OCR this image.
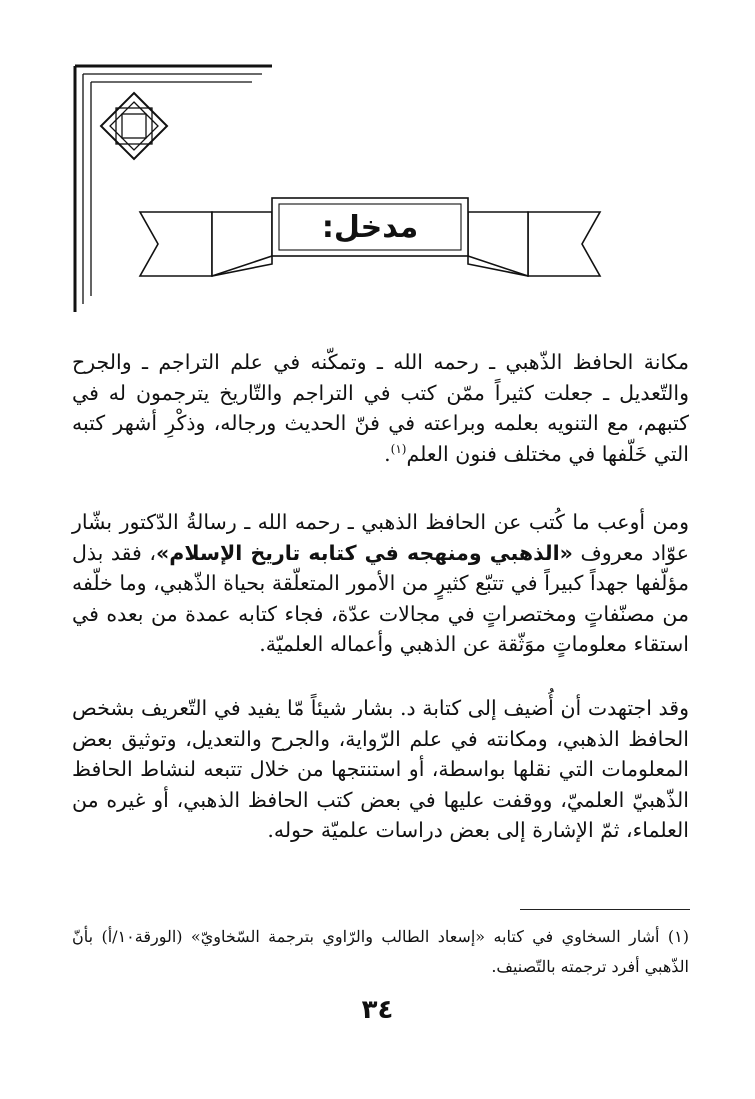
مدخل:

مكانة الحافظ الذّهبي ـ رحمه الله ـ وتمكّنه في علم التراجم ـ والجرح والتّعديل ـ جعلت كثيراً ممّن كتب في التراجم والتّاريخ يترجمون له في كتبهم، مع التنويه بعلمه وبراعته في فنّ الحديث ورجاله، وذكْرِ أشهر كتبه التي خَلّفها في مختلف فنون العلم$^{(١)}$.

ومن أوعب ما كُتب عن الحافظ الذهبي ـ رحمه الله ـ رسالةُ الدّكتور بشّار عوّاد معروف «الذهبي ومنهجه في كتابه تاريخ الإسلام»، فقد بذل مؤلّفها جهداً كبيراً في تتبّع كثيرٍ من الأمور المتعلّقة بحياة الذّهبي، وما خلّفه من مصنّفاتٍ ومختصراتٍ في مجالات عدّة، فجاء كتابه عمدة من بعده في استقاء معلوماتٍ موَثّقة عن الذهبي وأعماله العلميّة.

وقد اجتهدت أن أُضيف إلى كتابة د. بشار شيئاً مّا يفيد في التّعريف بشخص الحافظ الذهبي، ومكانته في علم الرّواية، والجرح والتعديل، وتوثيق بعض المعلومات التي نقلها بواسطة، أو استنتجها من خلال تتبعه لنشاط الحافظ الذّهبيّ العلميّ، ووقفت عليها في بعض كتب الحافظ الذهبي، أو غيره من العلماء، ثمّ الإشارة إلى بعض دراسات علميّة حوله.

(١) أشار السخاوي في كتابه «إسعاد الطالب والرّاوي بترجمة السّخاويّ» (الورقة١٠/أ) بأنّ الذّهبي أفرد ترجمته بالتّصنيف.

٣٤
